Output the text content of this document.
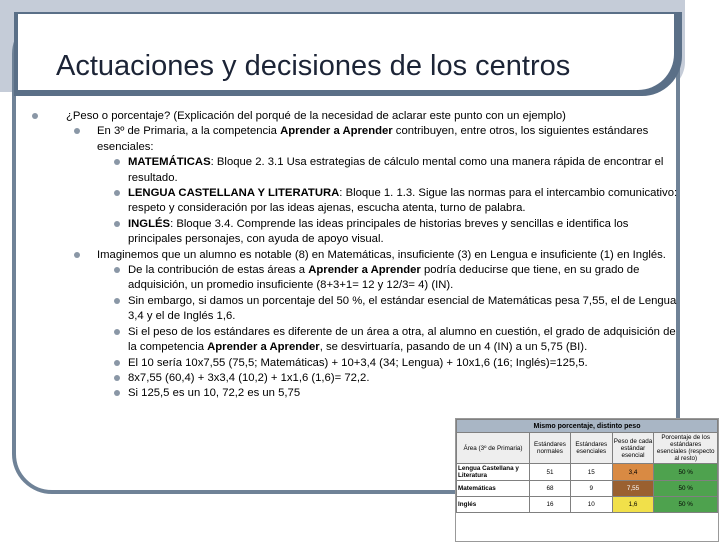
Actuaciones y decisiones de los centros
¿Peso o porcentaje? (Explicación del porqué de la necesidad de aclarar este punto con un ejemplo)
En 3º de Primaria, a la competencia Aprender a Aprender contribuyen, entre otros, los siguientes estándares esenciales:
MATEMÁTICAS: Bloque 2. 3.1 Usa estrategias de cálculo mental como una manera rápida de encontrar el resultado.
LENGUA CASTELLANA Y LITERATURA: Bloque 1. 1.3. Sigue las normas para el intercambio comunicativo: respeto y consideración por las ideas ajenas, escucha atenta, turno de palabra.
INGLÉS: Bloque 3.4. Comprende las ideas principales de historias breves y sencillas e identifica los principales personajes, con ayuda de apoyo visual.
Imaginemos que un alumno es notable (8) en Matemáticas, insuficiente (3) en Lengua e insuficiente (1) en Inglés.
De la contribución de estas áreas a Aprender a Aprender podría deducirse que tiene, en su grado de adquisición, un promedio insuficiente (8+3+1= 12 y 12/3= 4) (IN).
Sin embargo, si damos un porcentaje del 50 %, el estándar esencial de Matemáticas pesa 7,55, el de Lengua 3,4 y el de Inglés 1,6.
Si el peso de los estándares es diferente de un área a otra, al alumno en cuestión, el grado de adquisición de la competencia Aprender a Aprender, se desvirtuaría, pasando de un 4 (IN) a un 5,75 (BI).
El 10 sería 10x7,55 (75,5; Matemáticas) + 10+3,4 (34; Lengua) + 10x1,6 (16; Inglés)=125,5.
8x7,55 (60,4) + 3x3,4 (10,2) + 1x1,6 (1,6)= 72,2.
Si 125,5 es un 10, 72,2 es un 5,75
Mismo porcentaje, distinto peso				
Área (3º de Primaria)	Estándares normales	Estándares esenciales	Peso de cada estándar esencial	Porcentaje de los estándares esenciales (respecto al resto)
Lengua Castellana y Literatura	51	15	3,4	50 %
Matemáticas	68	9	7,55	50 %
Inglés	16	10	1,6	50 %
